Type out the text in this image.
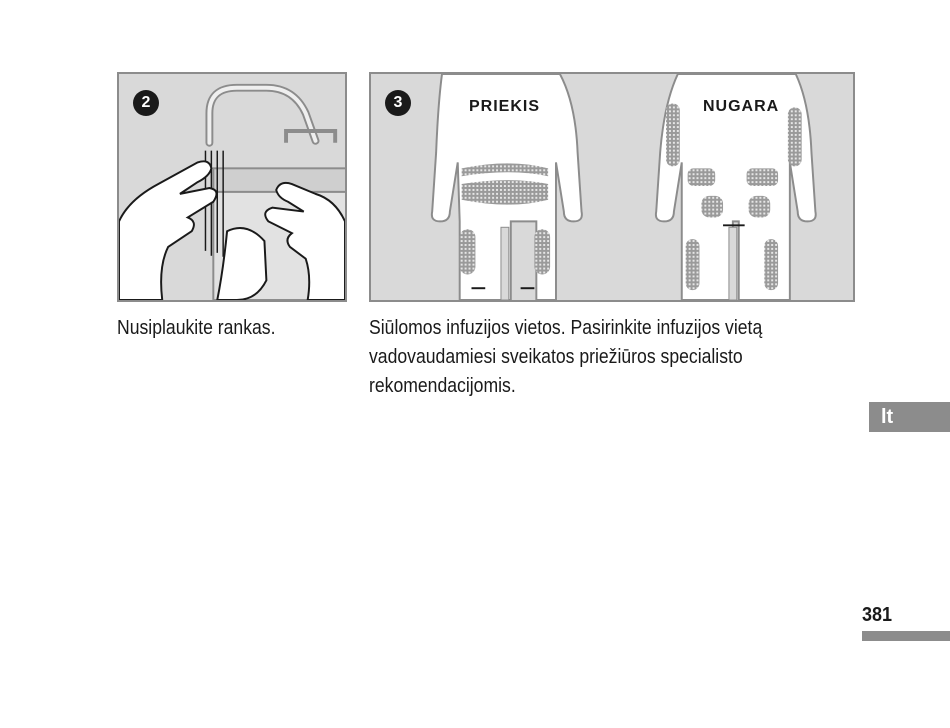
2	3	PRIEKIS	NUGARA
Nusiplaukite rankas.	Siūlomos infuzijos vietos. Pasirinkite infuzijos vietą vadovaudamiesi sveikatos priežiūros specialisto rekomendacijomis.
lt
381
